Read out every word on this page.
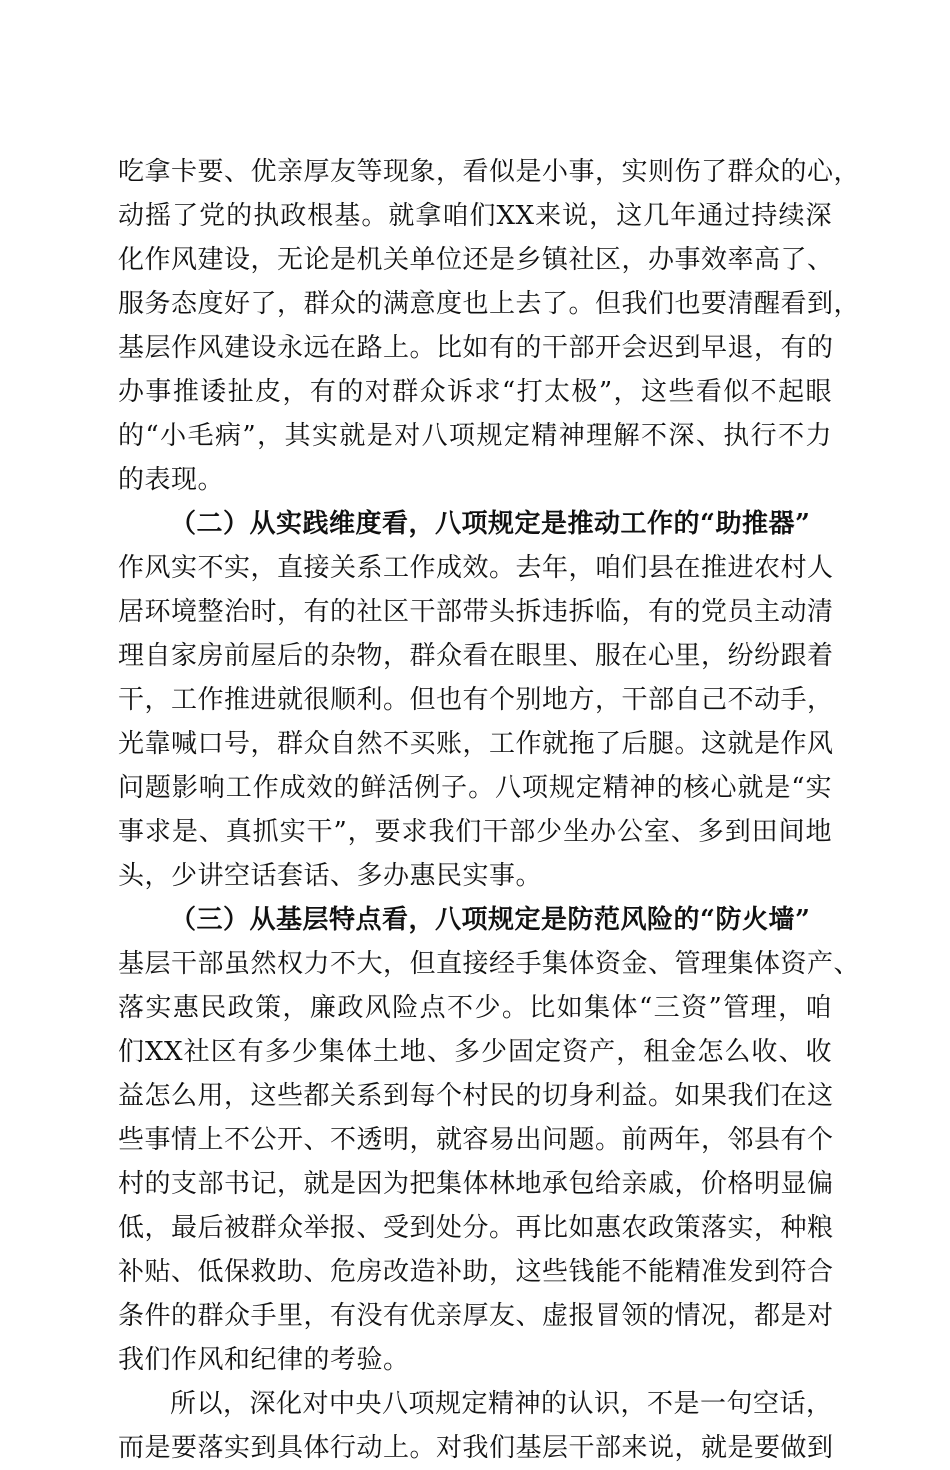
吃拿卡要、优亲厚友等现象，看似是小事，实则伤了群众的心，
动摇了党的执政根基。就拿咱们XX来说，这几年通过持续深
化作风建设，无论是机关单位还是乡镇社区，办事效率高了、
服务态度好了，群众的满意度也上去了。但我们也要清醒看到，
基层作风建设永远在路上。比如有的干部开会迟到早退，有的
办事推诿扯皮，有的对群众诉求“打太极”，这些看似不起眼
的“小毛病”，其实就是对八项规定精神理解不深、执行不力
的表现。
（二）从实践维度看，八项规定是推动工作的“助推器”
作风实不实，直接关系工作成效。去年，咱们县在推进农村人
居环境整治时，有的社区干部带头拆违拆临，有的党员主动清
理自家房前屋后的杂物，群众看在眼里、服在心里，纷纷跟着
干，工作推进就很顺利。但也有个别地方，干部自己不动手，
光靠喊口号，群众自然不买账，工作就拖了后腿。这就是作风
问题影响工作成效的鲜活例子。八项规定精神的核心就是“实
事求是、真抓实干”，要求我们干部少坐办公室、多到田间地
头，少讲空话套话、多办惠民实事。
（三）从基层特点看，八项规定是防范风险的“防火墙”
基层干部虽然权力不大，但直接经手集体资金、管理集体资产、
落实惠民政策，廉政风险点不少。比如集体“三资”管理，咱
们XX社区有多少集体土地、多少固定资产，租金怎么收、收
益怎么用，这些都关系到每个村民的切身利益。如果我们在这
些事情上不公开、不透明，就容易出问题。前两年，邻县有个
村的支部书记，就是因为把集体林地承包给亲戚，价格明显偏
低，最后被群众举报、受到处分。再比如惠农政策落实，种粮
补贴、低保救助、危房改造补助，这些钱能不能精准发到符合
条件的群众手里，有没有优亲厚友、虚报冒领的情况，都是对
我们作风和纪律的考验。
所以，深化对中央八项规定精神的认识，不是一句空话，
而是要落实到具体行动上。对我们基层干部来说，就是要做到
